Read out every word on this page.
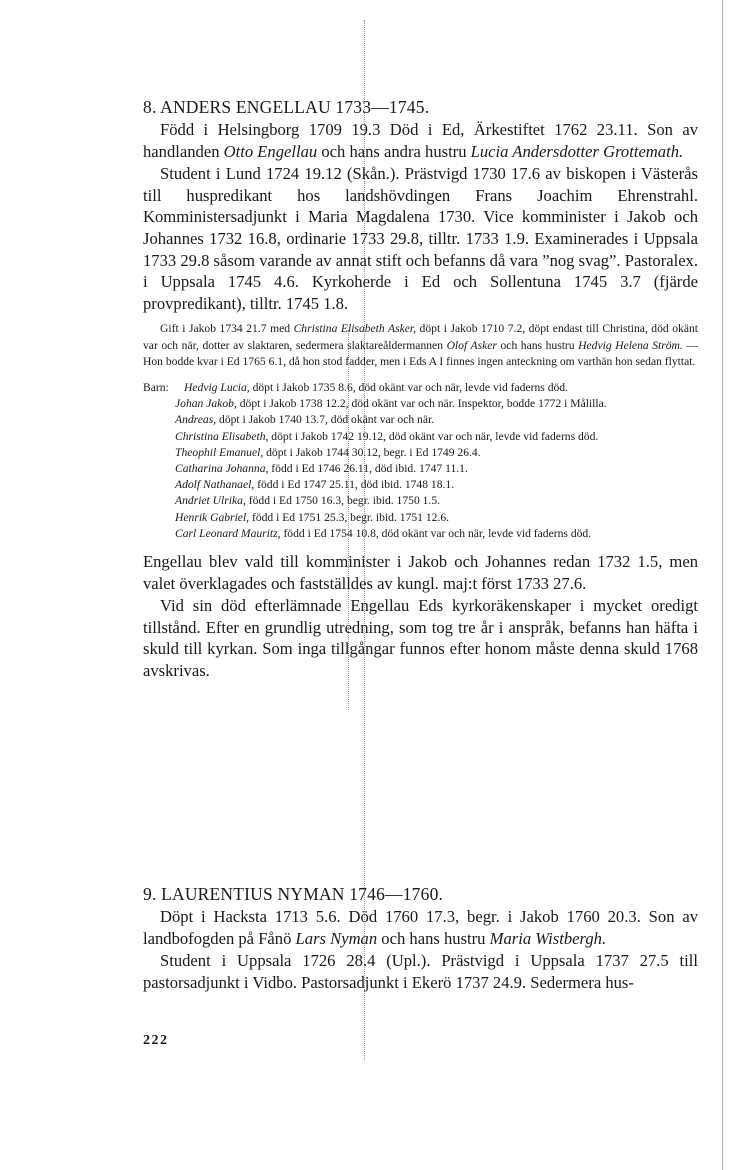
8. ANDERS ENGELLAU 1733—1745.

Född i Helsingborg 1709 19.3 Död i Ed, Ärkestiftet 1762 23.11. Son av handlanden Otto Engellau och hans andra hustru Lucia Andersdotter Grottemath.

Student i Lund 1724 19.12 (Skån.). Prästvigd 1730 17.6 av biskopen i Västerås till huspredikant hos landshövdingen Frans Joachim Ehrenstrahl. Komministersadjunkt i Maria Magdalena 1730. Vice komminister i Jakob och Johannes 1732 16.8, ordinarie 1733 29.8, tilltr. 1733 1.9. Examinerades i Uppsala 1733 29.8 såsom varande av annat stift och befanns då vara ”nog svag”. Pastoralex. i Uppsala 1745 4.6. Kyrkoherde i Ed och Sollentuna 1745 3.7 (fjärde provpredikant), tilltr. 1745 1.8.

Gift i Jakob 1734 21.7 med Christina Elisabeth Asker, döpt i Jakob 1710 7.2, döpt endast till Christina, död okänt var och när, dotter av slaktaren, sedermera slaktareåldermannen Olof Asker och hans hustru Hedvig Helena Ström. — Hon bodde kvar i Ed 1765 6.1, då hon stod fadder, men i Eds A I finnes ingen anteckning om varthän hon sedan flyttat.

Barn: Hedvig Lucia, döpt i Jakob 1735 8.6, död okänt var och när, levde vid faderns död.

Johan Jakob, döpt i Jakob 1738 12.2, död okänt var och när. Inspektor, bodde 1772 i Målilla.

Andreas, döpt i Jakob 1740 13.7, död okänt var och när.

Christina Elisabeth, döpt i Jakob 1742 19.12, död okänt var och när, levde vid faderns död.

Theophil Emanuel, döpt i Jakob 1744 30.12, begr. i Ed 1749 26.4.

Catharina Johanna, född i Ed 1746 26.11, död ibid. 1747 11.1.

Adolf Nathanael, född i Ed 1747 25.11, död ibid. 1748 18.1.

Andriet Ulrika, född i Ed 1750 16.3, begr. ibid. 1750 1.5.

Henrik Gabriel, född i Ed 1751 25.3, begr. ibid. 1751 12.6.

Carl Leonard Mauritz, född i Ed 1754 10.8, död okänt var och när, levde vid faderns död.

Engellau blev vald till komminister i Jakob och Johannes redan 1732 1.5, men valet överklagades och fastställdes av kungl. maj:t först 1733 27.6.

Vid sin död efterlämnade Engellau Eds kyrkoräkenskaper i mycket oredigt tillstånd. Efter en grundlig utredning, som tog tre år i anspråk, befanns han häfta i skuld till kyrkan. Som inga tillgångar funnos efter honom måste denna skuld 1768 avskrivas.

9. LAURENTIUS NYMAN 1746—1760.

Döpt i Hacksta 1713 5.6. Död 1760 17.3, begr. i Jakob 1760 20.3. Son av landbofogden på Fånö Lars Nyman och hans hustru Maria Wistbergh.

Student i Uppsala 1726 28.4 (Upl.). Prästvigd i Uppsala 1737 27.5 till pastorsadjunkt i Vidbo. Pastorsadjunkt i Ekerö 1737 24.9. Sedermera hus-

222
